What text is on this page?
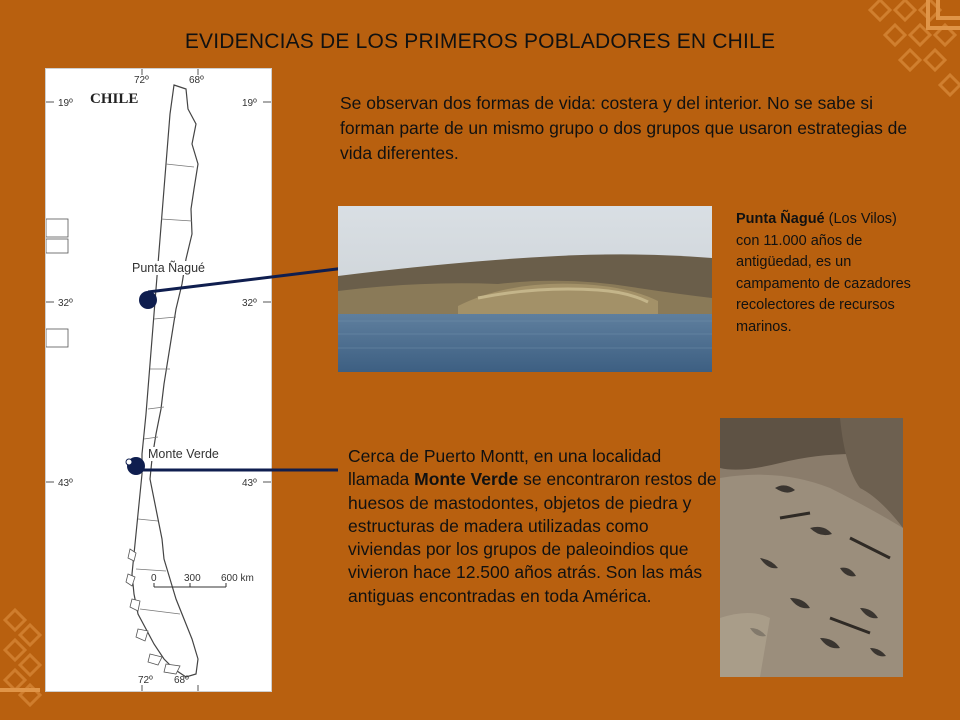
EVIDENCIAS DE LOS PRIMEROS POBLADORES EN CHILE
CHILE
72º	68º
72º 68º
19º	19º
32º	32º
43º	43º
0	300 600 km
Punta Ñagué
Monte Verde
Se observan dos formas de vida: costera y del interior. No se sabe si forman parte de un mismo grupo o dos grupos que usaron estrategias de vida diferentes.
Punta Ñagué (Los Vilos) con 11.000 años de antigüedad, es un campamento de cazadores recolectores de recursos marinos.
Cerca de Puerto Montt, en una localidad llamada Monte Verde se encontraron restos de huesos de mastodontes, objetos de piedra y estructuras de madera utilizadas como viviendas por los grupos de paleoindios que vivieron hace 12.500 años atrás. Son las más antiguas encontradas en toda América.
